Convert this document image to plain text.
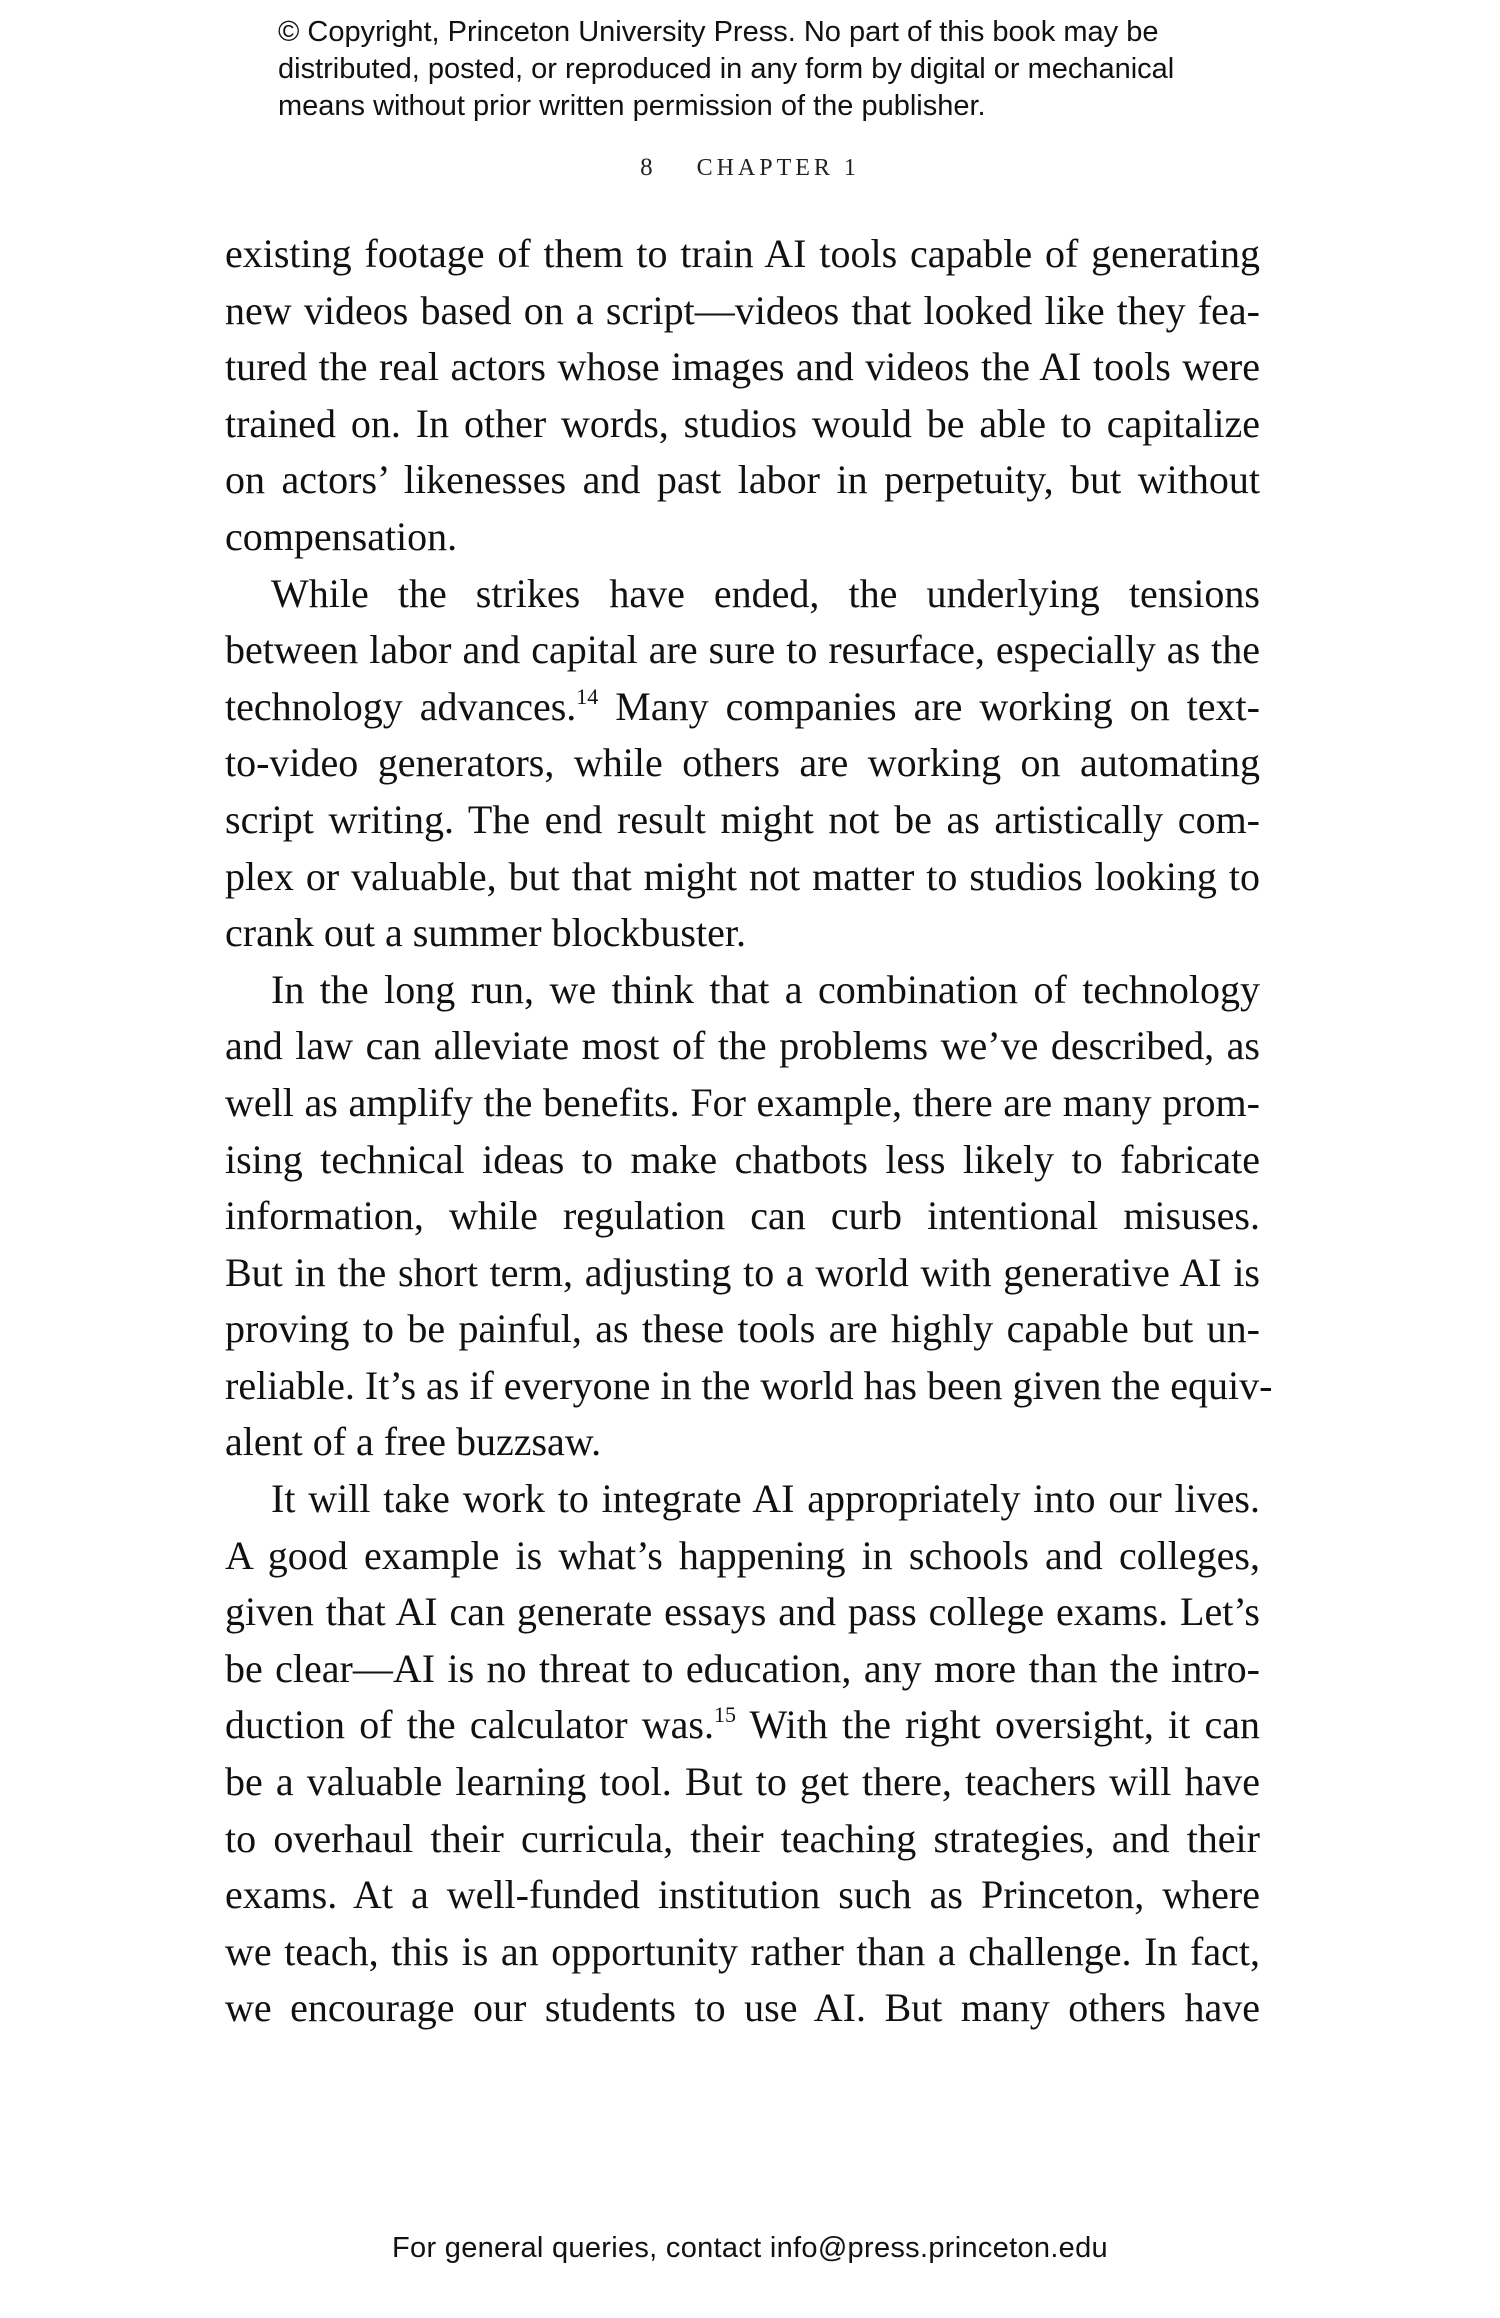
© Copyright, Princeton University Press. No part of this book may be
distributed, posted, or reproduced in any form by digital or mechanical
means without prior written permission of the publisher.
8 CHAPTER 1
existing footage of them to train AI tools capable of generating
new videos based on a script—videos that looked like they fea-
tured the real actors whose images and videos the AI tools were
trained on. In other words, studios would be able to capitalize
on actors’ likenesses and past labor in perpetuity, but without
compensation.
While the strikes have ended, the underlying tensions
between labor and capital are sure to resurface, especially as the
technology advances.$^{14}$ Many companies are working on text-
to-video generators, while others are working on automating
script writing. The end result might not be as artistically com-
plex or valuable, but that might not matter to studios looking to
crank out a summer blockbuster.
In the long run, we think that a combination of technology
and law can alleviate most of the problems we’ve described, as
well as amplify the benefits. For example, there are many prom-
ising technical ideas to make chatbots less likely to fabricate
information, while regulation can curb intentional misuses.
But in the short term, adjusting to a world with generative AI is
proving to be painful, as these tools are highly capable but un-
reliable. It’s as if everyone in the world has been given the equiv-
alent of a free buzzsaw.
It will take work to integrate AI appropriately into our lives.
A good example is what’s happening in schools and colleges,
given that AI can generate essays and pass college exams. Let’s
be clear—AI is no threat to education, any more than the intro-
duction of the calculator was.$^{15}$ With the right oversight, it can
be a valuable learning tool. But to get there, teachers will have
to overhaul their curricula, their teaching strategies, and their
exams. At a well-funded institution such as Princeton, where
we teach, this is an opportunity rather than a challenge. In fact,
we encourage our students to use AI. But many others have
For general queries, contact info@press.princeton.edu
